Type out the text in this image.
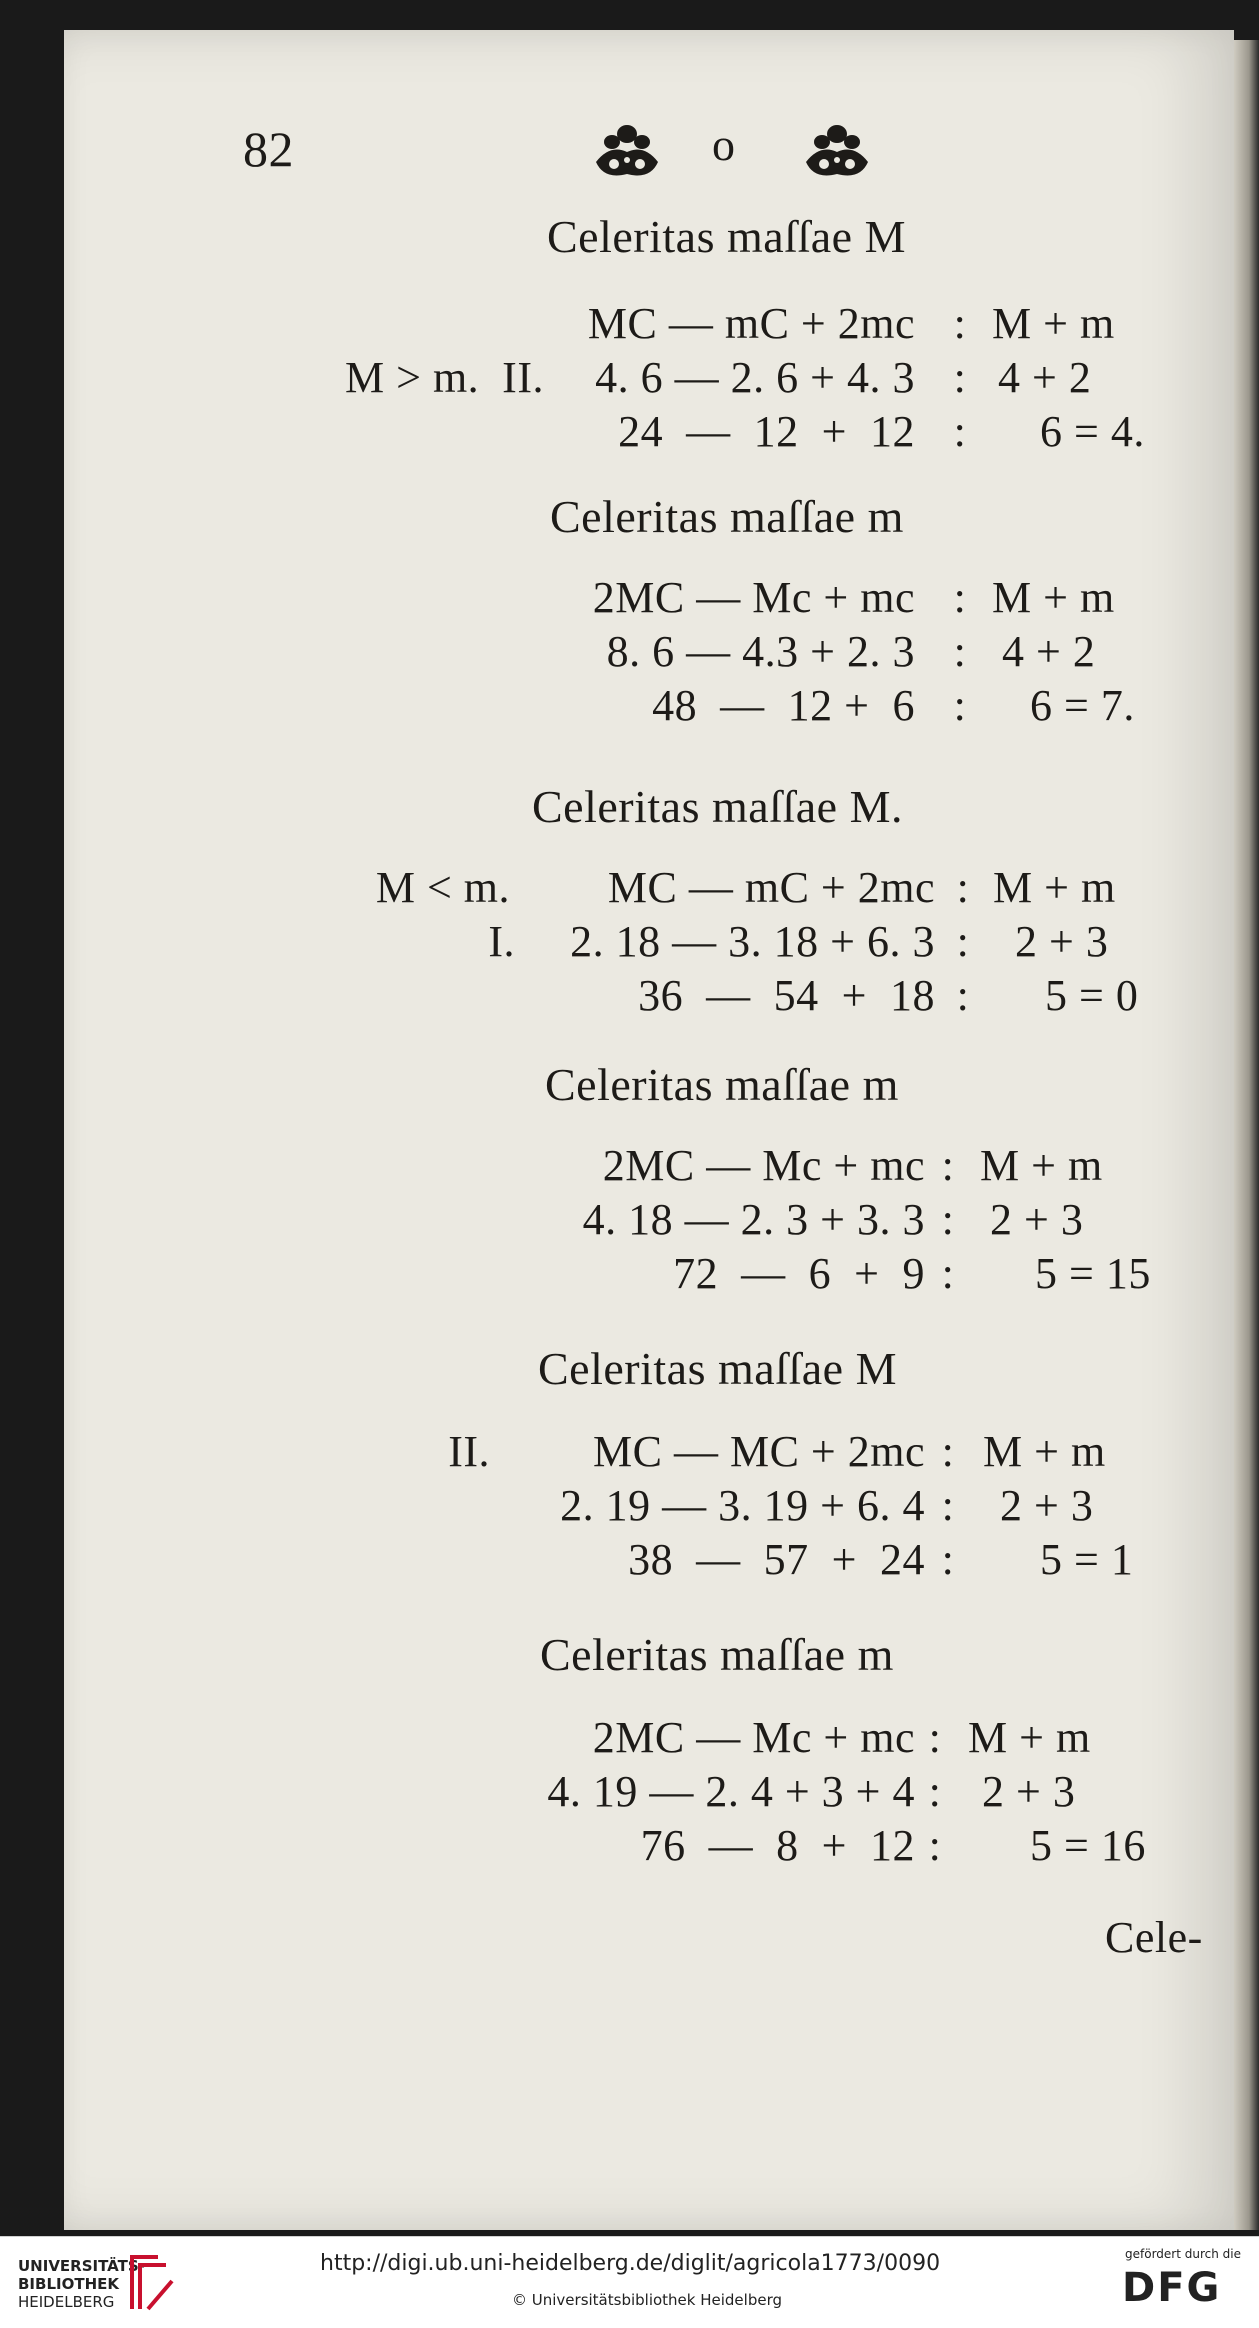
82	o
Celeritas maſſae M
MC — mC + 2mc : M + m
M > m.  II.	4. 6 — 2. 6 + 4. 3 : 4 + 2
24  —  12  +  12 : 6 = 4.
Celeritas maſſae m
2MC — Mc + mc : M + m
8. 6 — 4.3 + 2. 3 : 4 + 2
48  —  12 +  6 : 6 = 7.
Celeritas maſſae M.
M < m.	MC — mC + 2mc : M + m
I.	2. 18 — 3. 18 + 6. 3 : 2 + 3
36  —  54  +  18 : 5 = 0
Celeritas maſſae m
2MC — Mc + mc : M + m
4. 18 — 2. 3 + 3. 3 : 2 + 3
72  —  6  +  9 : 5 = 15
Celeritas maſſae M
II.	MC — MC + 2mc : M + m
2. 19 — 3. 19 + 6. 4 : 2 + 3
38  —  57  +  24 : 5 = 1
Celeritas maſſae m
2MC — Mc + mc : M + m
4. 19 — 2. 4 + 3 + 4 : 2 + 3
76  —  8  +  12 : 5 = 16
Cele-
UNIVERSITÄTS-
BIBLIOTHEK
HEIDELBERG
http://digi.ub.uni-heidelberg.de/diglit/agricola1773/0090
© Universitätsbibliothek Heidelberg
gefördert durch die
DFG
